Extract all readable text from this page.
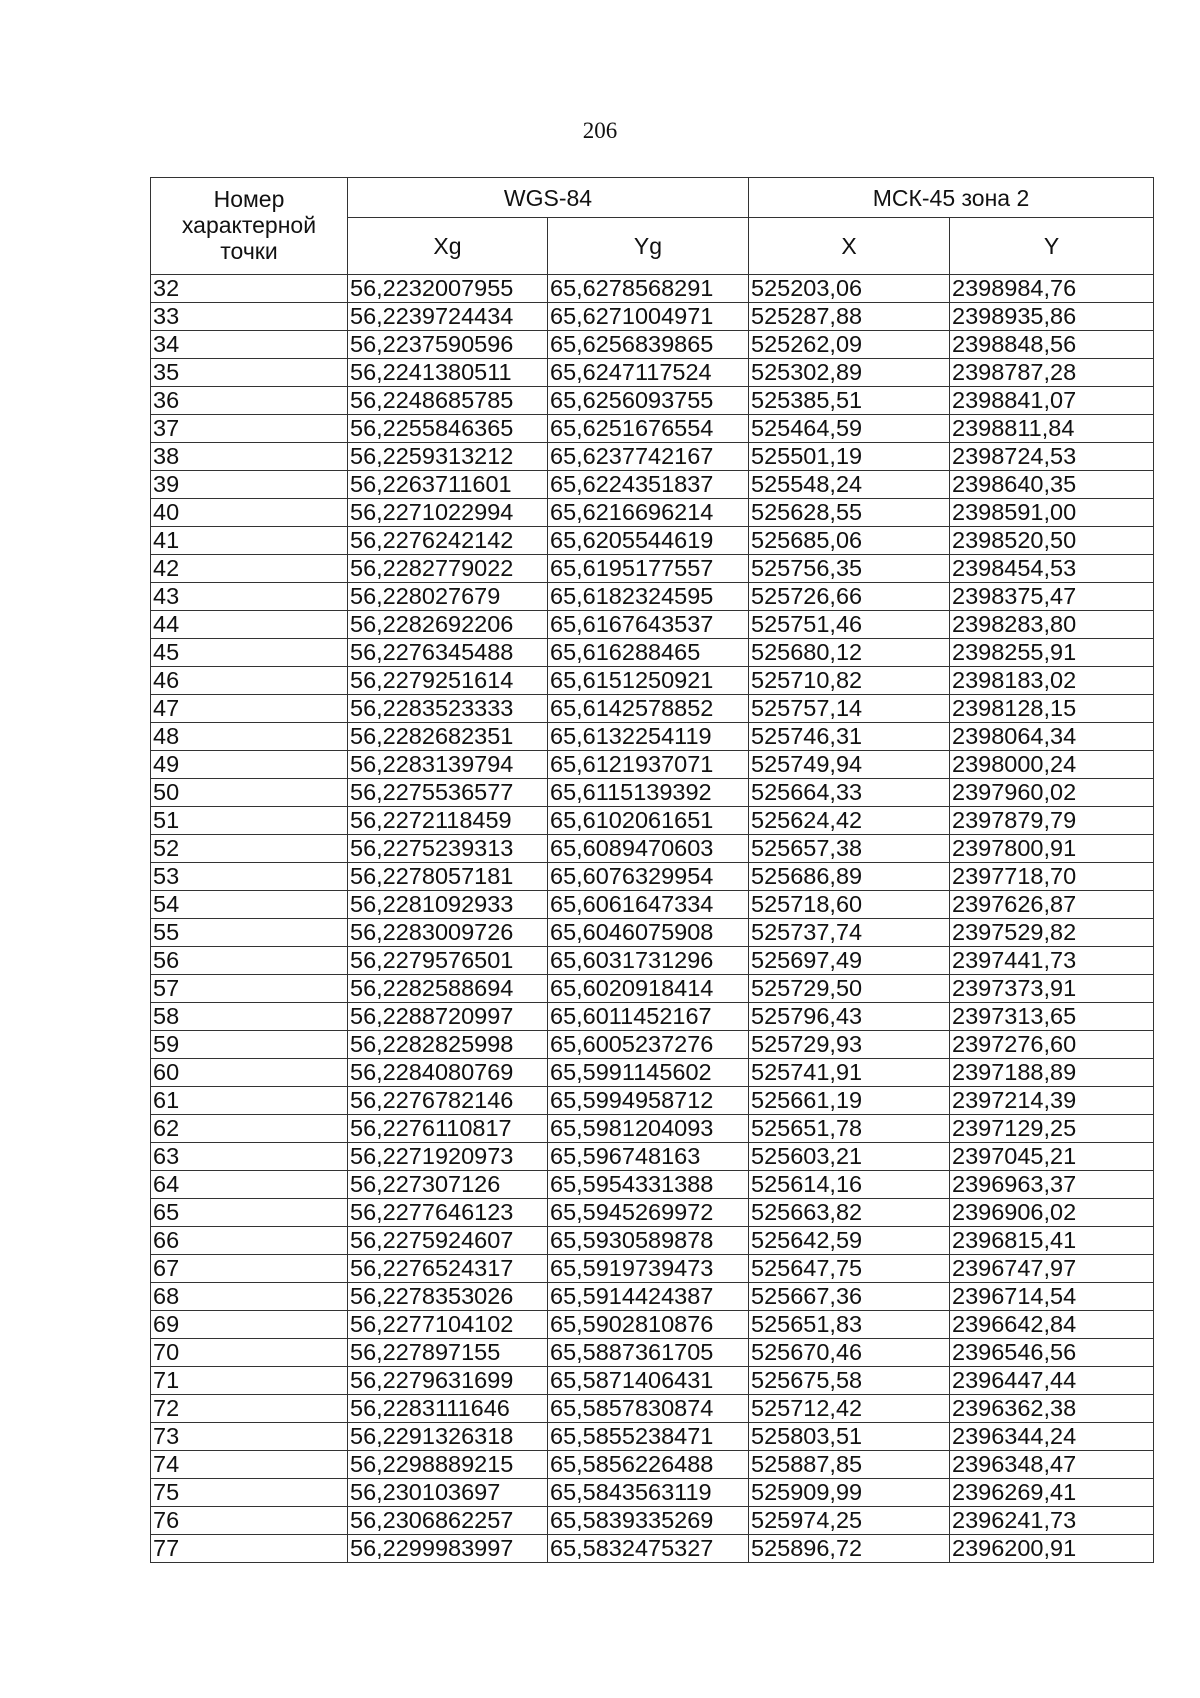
206
Номер характерной точки	WGS-84		МСК-45 зона 2	
	Xg	Yg	X	Y
32	56,2232007955	65,6278568291	525203,06	2398984,76
33	56,2239724434	65,6271004971	525287,88	2398935,86
34	56,2237590596	65,6256839865	525262,09	2398848,56
35	56,2241380511	65,6247117524	525302,89	2398787,28
36	56,2248685785	65,6256093755	525385,51	2398841,07
37	56,2255846365	65,6251676554	525464,59	2398811,84
38	56,2259313212	65,6237742167	525501,19	2398724,53
39	56,2263711601	65,6224351837	525548,24	2398640,35
40	56,2271022994	65,6216696214	525628,55	2398591,00
41	56,2276242142	65,6205544619	525685,06	2398520,50
42	56,2282779022	65,6195177557	525756,35	2398454,53
43	56,228027679	65,6182324595	525726,66	2398375,47
44	56,2282692206	65,6167643537	525751,46	2398283,80
45	56,2276345488	65,616288465	525680,12	2398255,91
46	56,2279251614	65,6151250921	525710,82	2398183,02
47	56,2283523333	65,6142578852	525757,14	2398128,15
48	56,2282682351	65,6132254119	525746,31	2398064,34
49	56,2283139794	65,6121937071	525749,94	2398000,24
50	56,2275536577	65,6115139392	525664,33	2397960,02
51	56,2272118459	65,6102061651	525624,42	2397879,79
52	56,2275239313	65,6089470603	525657,38	2397800,91
53	56,2278057181	65,6076329954	525686,89	2397718,70
54	56,2281092933	65,6061647334	525718,60	2397626,87
55	56,2283009726	65,6046075908	525737,74	2397529,82
56	56,2279576501	65,6031731296	525697,49	2397441,73
57	56,2282588694	65,6020918414	525729,50	2397373,91
58	56,2288720997	65,6011452167	525796,43	2397313,65
59	56,2282825998	65,6005237276	525729,93	2397276,60
60	56,2284080769	65,5991145602	525741,91	2397188,89
61	56,2276782146	65,5994958712	525661,19	2397214,39
62	56,2276110817	65,5981204093	525651,78	2397129,25
63	56,2271920973	65,596748163	525603,21	2397045,21
64	56,227307126	65,5954331388	525614,16	2396963,37
65	56,2277646123	65,5945269972	525663,82	2396906,02
66	56,2275924607	65,5930589878	525642,59	2396815,41
67	56,2276524317	65,5919739473	525647,75	2396747,97
68	56,2278353026	65,5914424387	525667,36	2396714,54
69	56,2277104102	65,5902810876	525651,83	2396642,84
70	56,227897155	65,5887361705	525670,46	2396546,56
71	56,2279631699	65,5871406431	525675,58	2396447,44
72	56,2283111646	65,5857830874	525712,42	2396362,38
73	56,2291326318	65,5855238471	525803,51	2396344,24
74	56,2298889215	65,5856226488	525887,85	2396348,47
75	56,230103697	65,5843563119	525909,99	2396269,41
76	56,2306862257	65,5839335269	525974,25	2396241,73
77	56,2299983997	65,5832475327	525896,72	2396200,91
